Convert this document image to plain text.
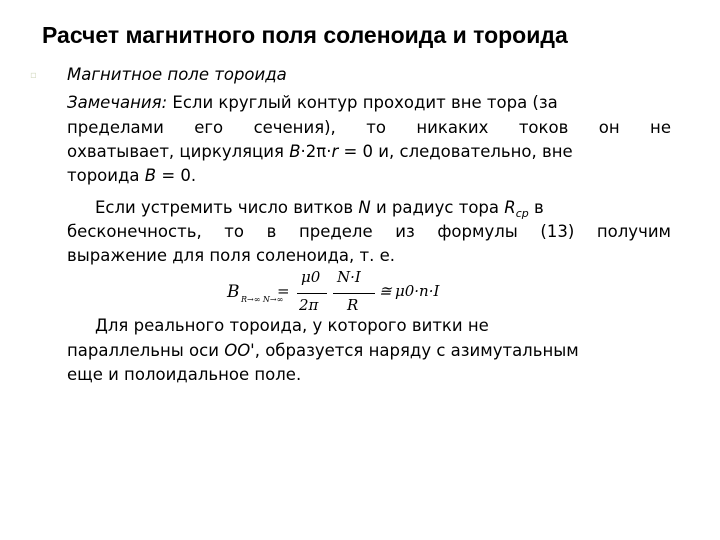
Расчет магнитного поля соленоида и тороида
▫ Магнитное поле тороида

Замечания: Если круглый контур проходит вне тора (за

пределами его сечения), то никаких токов он не

охватывает, циркуляция B·2π·r = 0 и, следовательно, вне

тороида B = 0.

Если устремить число витков N и радиус тора $R_{ср}$ в

бесконечность, то в пределе из формулы (13) получим

выражение для поля соленоида, т. е.

B R→∞ N→∞
=
μ0
2π
N·I
R
≅ μ0·n·I

Для реального тороида, у которого витки не

параллельны оси OO', образуется наряду с азимутальным

еще и полоидальное поле.
